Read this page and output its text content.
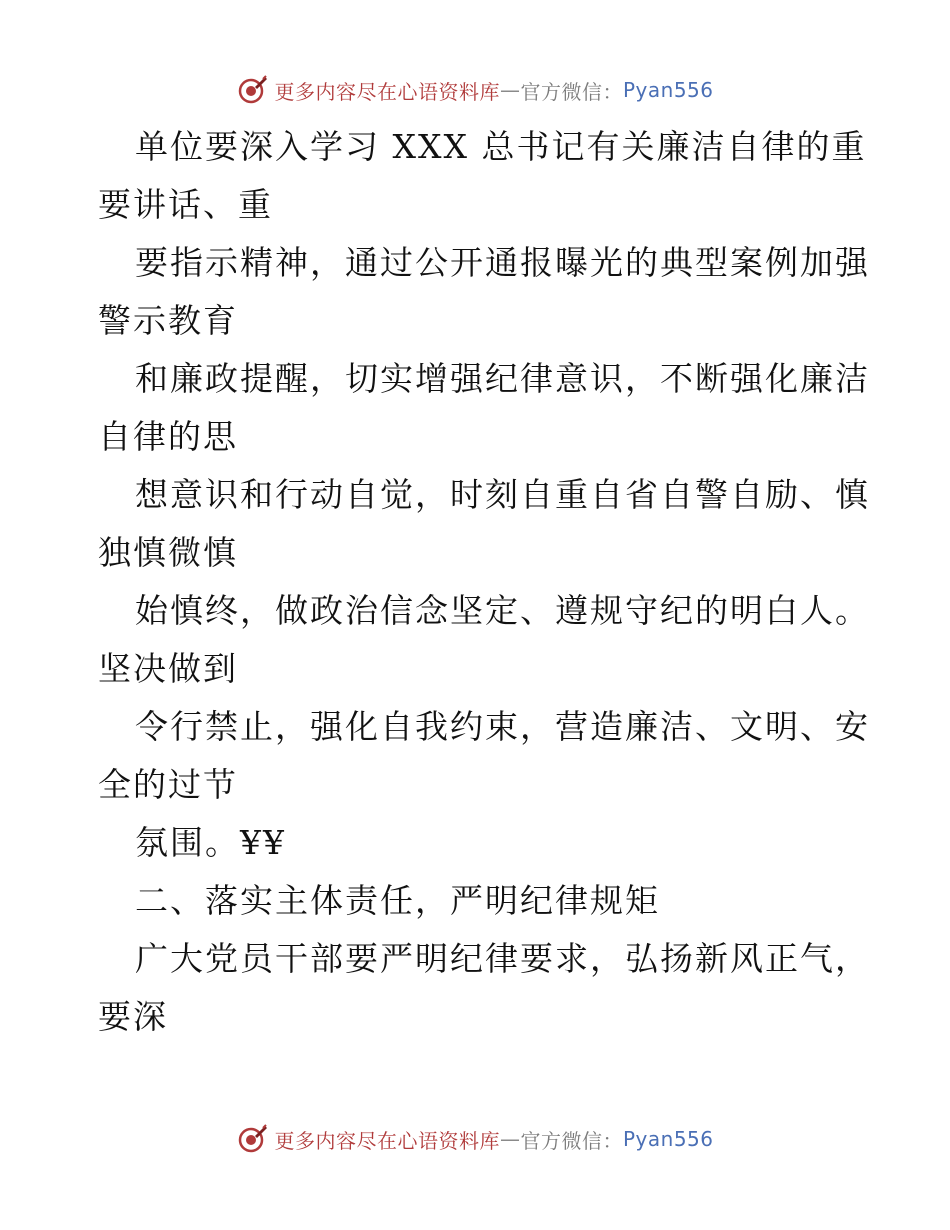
更多内容尽在心语资料库 — 官方微信： Pyan556
单位要深入学习 XXX 总书记有关廉洁自律的重
要讲话、重
要指示精神，通过公开通报曝光的典型案例加强
警示教育
和廉政提醒，切实增强纪律意识，不断强化廉洁
自律的思
想意识和行动自觉，时刻自重自省自警自励、慎
独慎微慎
始慎终，做政治信念坚定、遵规守纪的明白人。
坚决做到
令行禁止，强化自我约束，营造廉洁、文明、安
全的过节
氛围。¥¥
二、落实主体责任，严明纪律规矩
广大党员干部要严明纪律要求，弘扬新风正气，
要深
更多内容尽在心语资料库 — 官方微信： Pyan556
